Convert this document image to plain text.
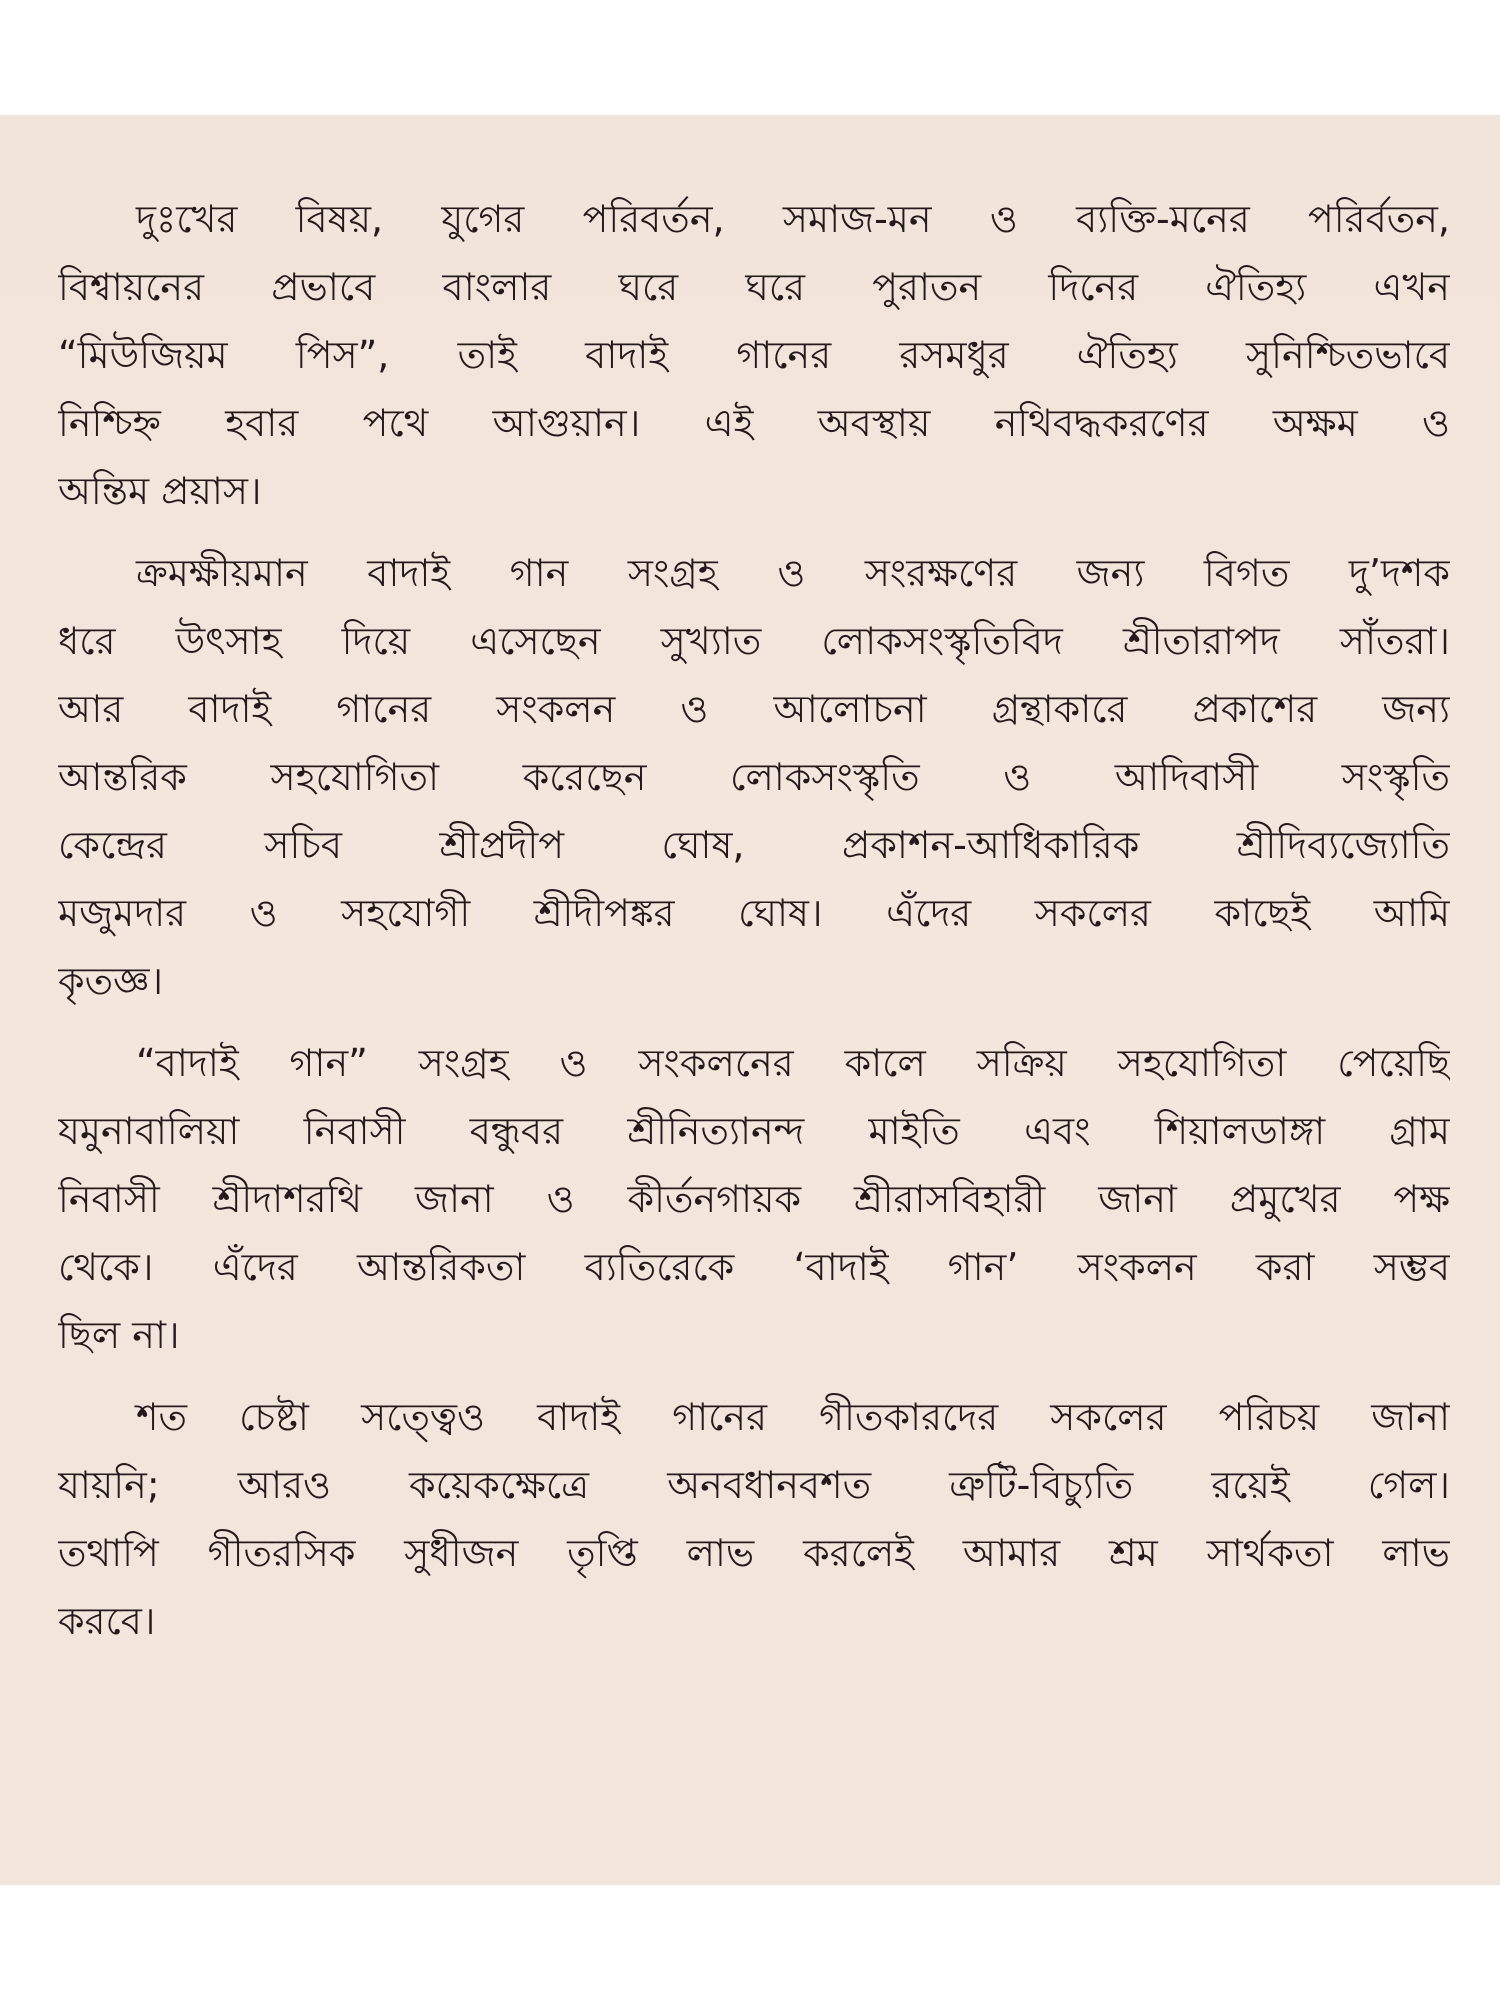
দুঃখের বিষয়, যুগের পরিবর্তন, সমাজ-মন ও ব্যক্তি-মনের পরির্বতন,
বিশ্বায়নের প্রভাবে বাংলার ঘরে ঘরে পুরাতন দিনের ঐতিহ্য এখন
“মিউজিয়ম পিস”, তাই বাদাই গানের রসমধুর ঐতিহ্য সুনিশ্চিতভাবে
নিশ্চিহ্ন হবার পথে আগুয়ান। এই অবস্থায় নথিবদ্ধকরণের অক্ষম ও
অন্তিম প্রয়াস।
ক্রমক্ষীয়মান বাদাই গান সংগ্রহ ও সংরক্ষণের জন্য বিগত দু’দশক
ধরে উৎসাহ দিয়ে এসেছেন সুখ্যাত লোকসংস্কৃতিবিদ শ্রীতারাপদ সাঁতরা।
আর বাদাই গানের সংকলন ও আলোচনা গ্রন্থাকারে প্রকাশের জন্য
আন্তরিক সহযোগিতা করেছেন লোকসংস্কৃতি ও আদিবাসী সংস্কৃতি
কেন্দ্রের সচিব শ্রীপ্রদীপ ঘোষ, প্রকাশন-আধিকারিক শ্রীদিব্যজ্যোতি
মজুমদার ও সহযোগী শ্রীদীপঙ্কর ঘোষ। এঁদের সকলের কাছেই আমি
কৃতজ্ঞ।
“বাদাই গান” সংগ্রহ ও সংকলনের কালে সক্রিয় সহযোগিতা পেয়েছি
যমুনাবালিয়া নিবাসী বন্ধুবর শ্রীনিত্যানন্দ মাইতি এবং শিয়ালডাঙ্গা গ্রাম
নিবাসী শ্রীদাশরথি জানা ও কীর্তনগায়ক শ্রীরাসবিহারী জানা প্রমুখের পক্ষ
থেকে। এঁদের আন্তরিকতা ব্যতিরেকে ‘বাদাই গান’ সংকলন করা সম্ভব
ছিল না।
শত চেষ্টা সত্ত্বেও বাদাই গানের গীতকারদের সকলের পরিচয় জানা
যায়নি; আরও কয়েকক্ষেত্রে অনবধানবশত ত্রুটি-বিচ্যুতি রয়েই গেল।
তথাপি গীতরসিক সুধীজন তৃপ্তি লাভ করলেই আমার শ্রম সার্থকতা লাভ
করবে।
